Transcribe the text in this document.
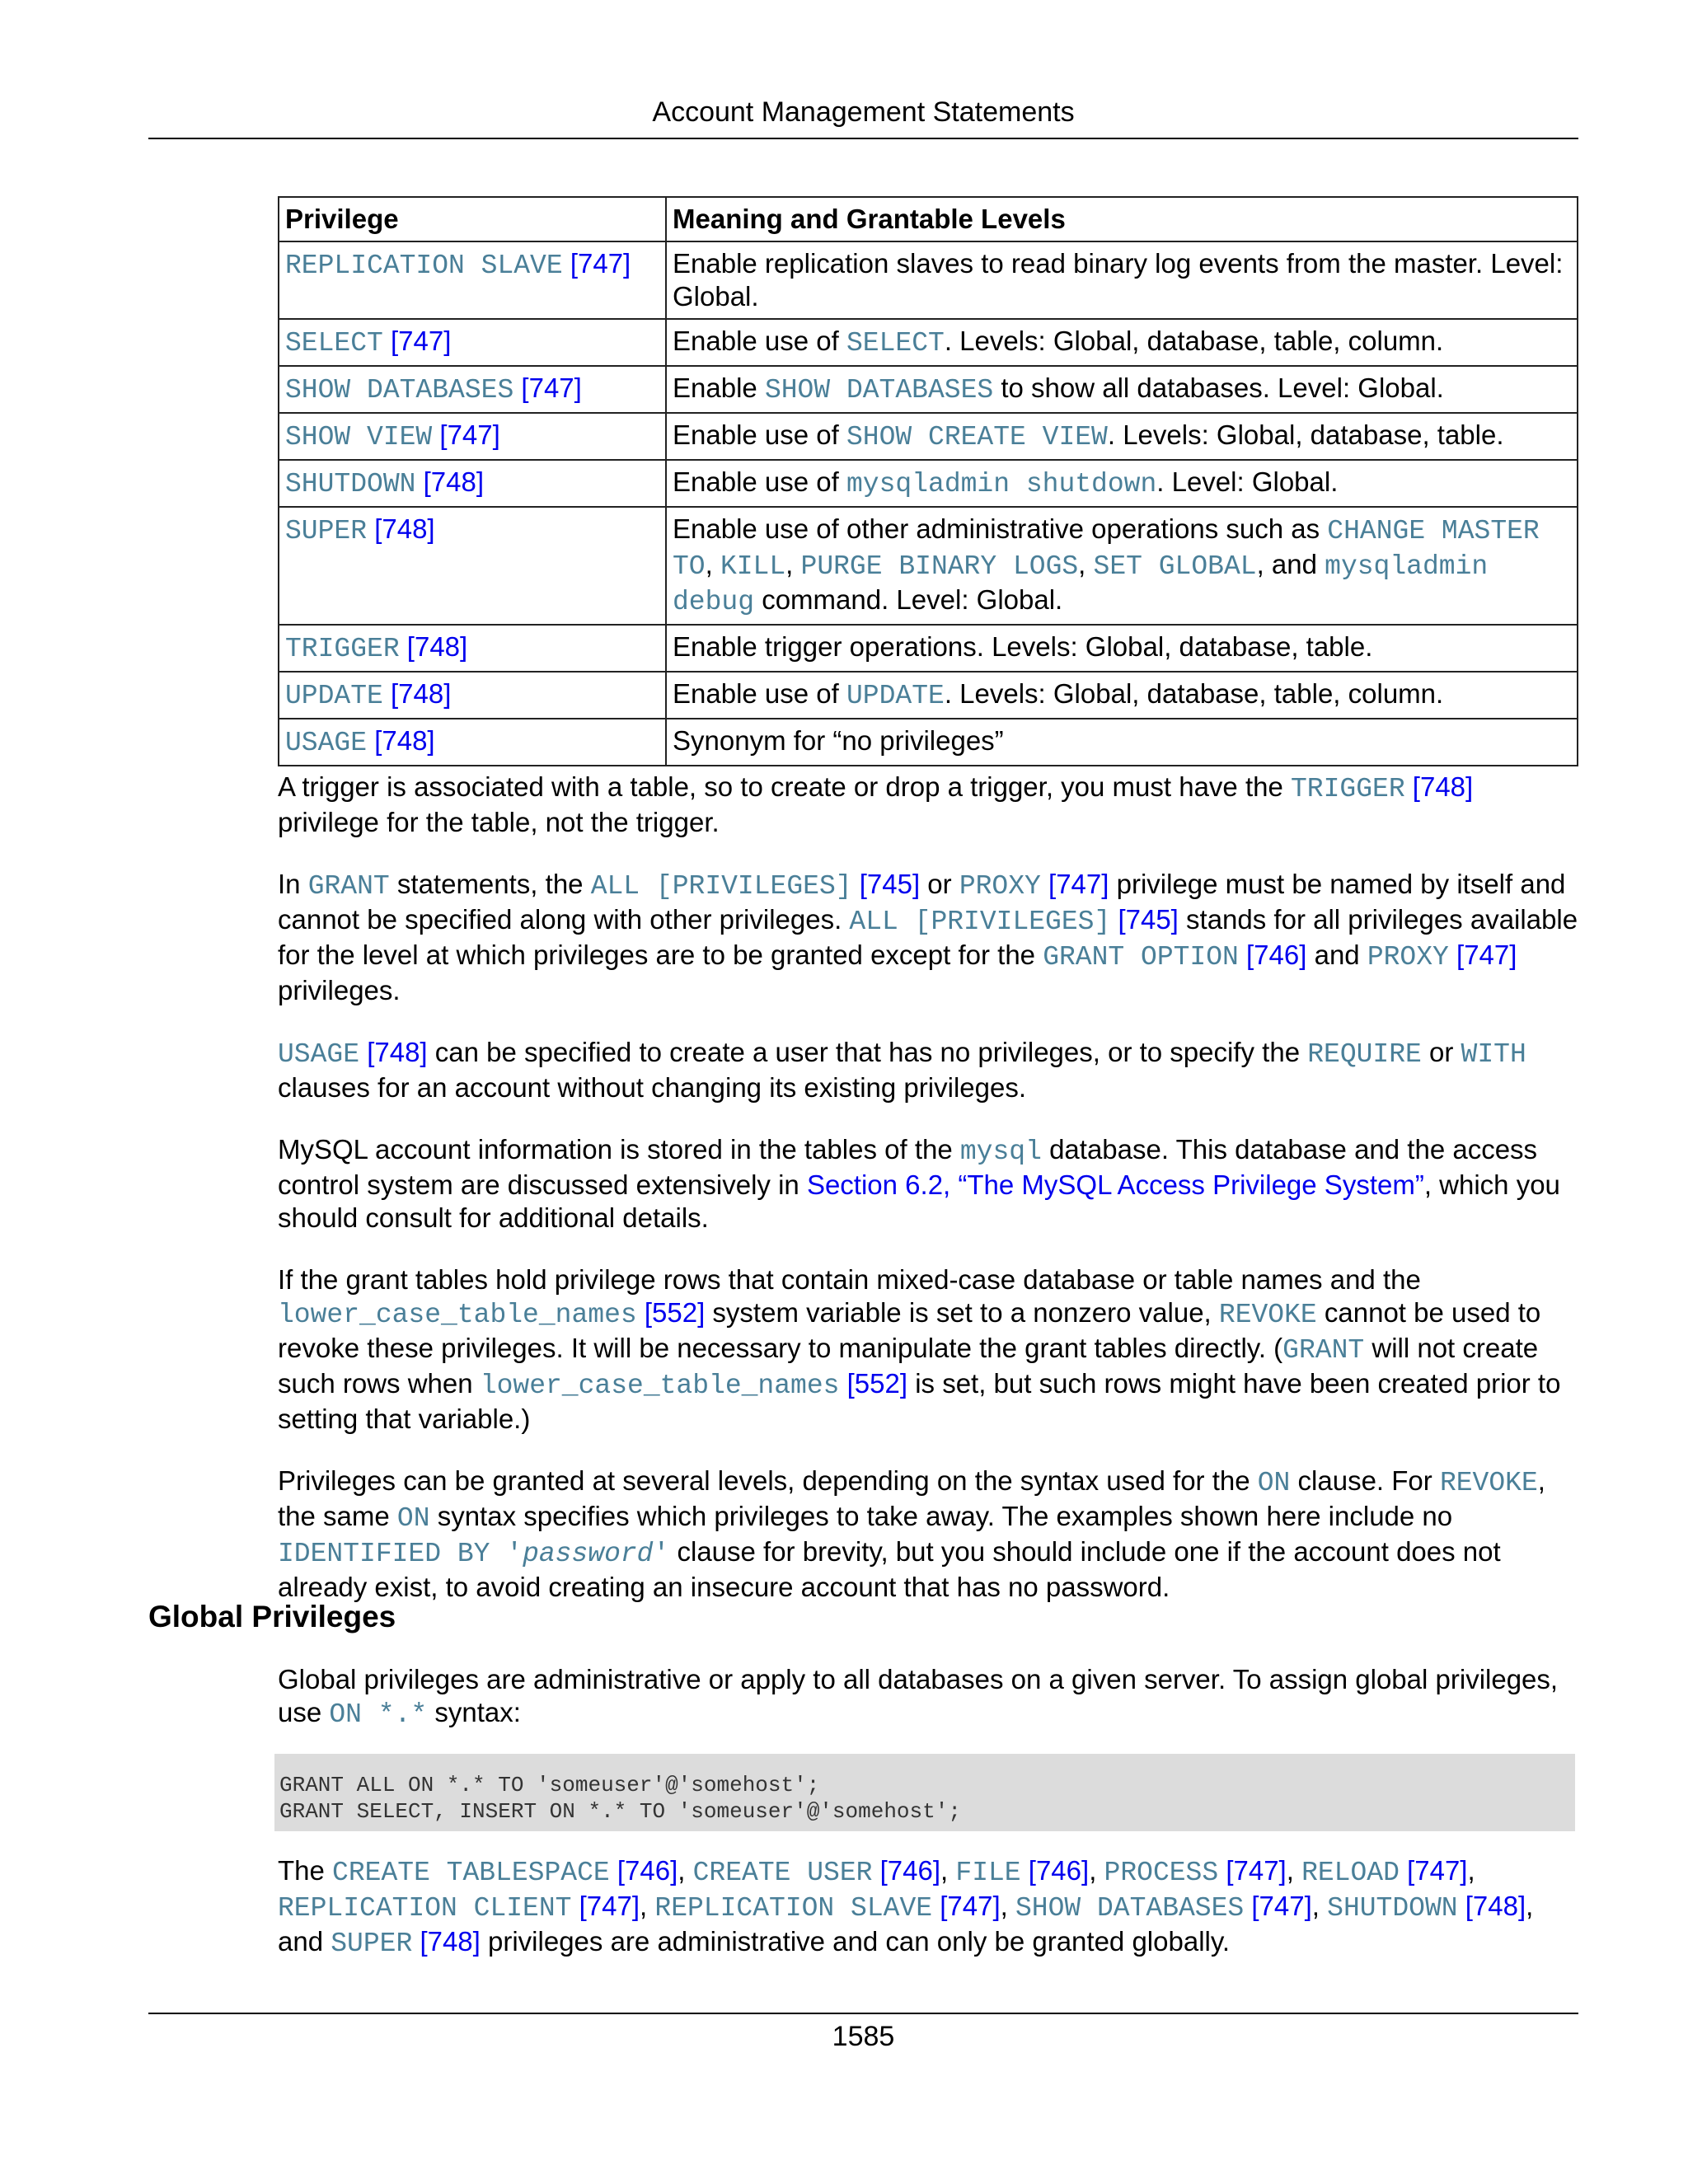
Account Management Statements
Privilege	Meaning and Grantable Levels
REPLICATION SLAVE [747]	Enable replication slaves to read binary log events from the master. Level: Global.
SELECT [747]	Enable use of SELECT. Levels: Global, database, table, column.
SHOW DATABASES [747]	Enable SHOW DATABASES to show all databases. Level: Global.
SHOW VIEW [747]	Enable use of SHOW CREATE VIEW. Levels: Global, database, table.
SHUTDOWN [748]	Enable use of mysqladmin shutdown. Level: Global.
SUPER [748]	Enable use of other administrative operations such as CHANGE MASTER TO, KILL, PURGE BINARY LOGS, SET GLOBAL, and mysqladmin debug command. Level: Global.
TRIGGER [748]	Enable trigger operations. Levels: Global, database, table.
UPDATE [748]	Enable use of UPDATE. Levels: Global, database, table, column.
USAGE [748]	Synonym for “no privileges”

A trigger is associated with a table, so to create or drop a trigger, you must have the TRIGGER [748] privilege for the table, not the trigger.

In GRANT statements, the ALL [PRIVILEGES] [745] or PROXY [747] privilege must be named by itself and cannot be specified along with other privileges. ALL [PRIVILEGES] [745] stands for all privileges available for the level at which privileges are to be granted except for the GRANT OPTION [746] and PROXY [747] privileges.

USAGE [748] can be specified to create a user that has no privileges, or to specify the REQUIRE or WITH clauses for an account without changing its existing privileges.

MySQL account information is stored in the tables of the mysql database. This database and the access control system are discussed extensively in Section 6.2, “The MySQL Access Privilege System”, which you should consult for additional details.

If the grant tables hold privilege rows that contain mixed-case database or table names and the lower_case_table_names [552] system variable is set to a nonzero value, REVOKE cannot be used to revoke these privileges. It will be necessary to manipulate the grant tables directly. (GRANT will not create such rows when lower_case_table_names [552] is set, but such rows might have been created prior to setting that variable.)

Privileges can be granted at several levels, depending on the syntax used for the ON clause. For REVOKE, the same ON syntax specifies which privileges to take away. The examples shown here include no IDENTIFIED BY 'password' clause for brevity, but you should include one if the account does not already exist, to avoid creating an insecure account that has no password.

Global Privileges

Global privileges are administrative or apply to all databases on a given server. To assign global privileges, use ON *.* syntax:

GRANT ALL ON *.* TO 'someuser'@'somehost';
GRANT SELECT, INSERT ON *.* TO 'someuser'@'somehost';

The CREATE TABLESPACE [746], CREATE USER [746], FILE [746], PROCESS [747], RELOAD [747], REPLICATION CLIENT [747], REPLICATION SLAVE [747], SHOW DATABASES [747], SHUTDOWN [748], and SUPER [748] privileges are administrative and can only be granted globally.

1585
